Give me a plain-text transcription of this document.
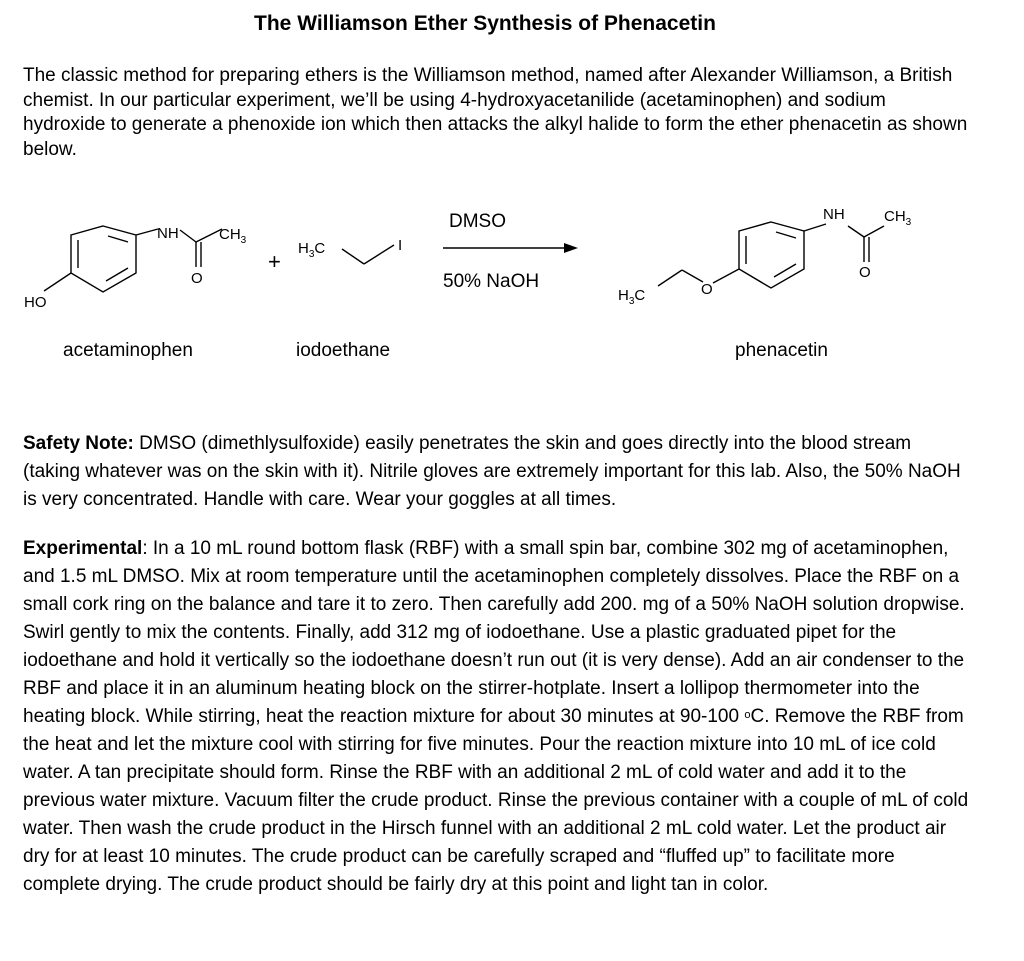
The Williamson Ether Synthesis of Phenacetin
The classic method for preparing ethers is the Williamson method, named after Alexander Williamson, a British chemist. In our particular experiment, we’ll be using 4-hydroxyacetanilide (acetaminophen) and sodium hydroxide to generate a phenoxide ion which then attacks the alkyl halide to form the ether phenacetin as shown below.
HO
NH	$CH_3$
O
+
$H_3C$	I
DMSO
50% NaOH
NH	$CH_3$
O
O
$H_3C$
acetaminophen	iodoethane	phenacetin
Safety Note: DMSO (dimethlysulfoxide) easily penetrates the skin and goes directly into the blood stream (taking whatever was on the skin with it). Nitrile gloves are extremely important for this lab. Also, the 50% NaOH is very concentrated. Handle with care. Wear your goggles at all times.
Experimental: In a 10 mL round bottom flask (RBF) with a small spin bar, combine 302 mg of acetaminophen, and 1.5 mL DMSO. Mix at room temperature until the acetaminophen completely dissolves. Place the RBF on a small cork ring on the balance and tare it to zero. Then carefully add 200. mg of a 50% NaOH solution dropwise. Swirl gently to mix the contents. Finally, add 312 mg of iodoethane. Use a plastic graduated pipet for the iodoethane and hold it vertically so the iodoethane doesn’t run out (it is very dense). Add an air condenser to the RBF and place it in an aluminum heating block on the stirrer-hotplate. Insert a lollipop thermometer into the heating block. While stirring, heat the reaction mixture for about 30 minutes at 90-100 $^o$C. Remove the RBF from the heat and let the mixture cool with stirring for five minutes. Pour the reaction mixture into 10 mL of ice cold water. A tan precipitate should form. Rinse the RBF with an additional 2 mL of cold water and add it to the previous water mixture. Vacuum filter the crude product. Rinse the previous container with a couple of mL of cold water. Then wash the crude product in the Hirsch funnel with an additional 2 mL cold water. Let the product air dry for at least 10 minutes. The crude product can be carefully scraped and “fluffed up” to facilitate more complete drying. The crude product should be fairly dry at this point and light tan in color.
